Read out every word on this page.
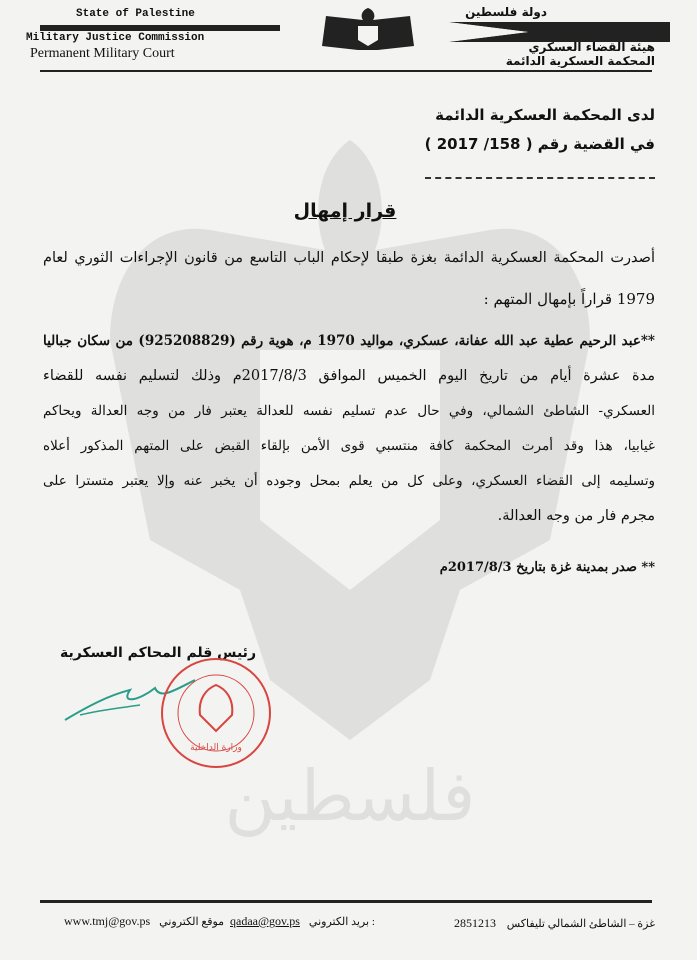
فلسطين
State of Palestine
Military Justice Commission
Permanent Military Court
دولة فلسطين
هيئة القضاء العسكري
المحكمة العسكرية الدائمة
لدى المحكمة العسكرية الدائمة
في القضية رقم ( 158/ 2017 )
قرار إمهال
أصدرت المحكمة العسكرية الدائمة بغزة طبقا لإحكام الباب التاسع من قانون الإجراءات الثوري لعام
1979 قراراً بإمهال المتهم :
**عبد الرحيم عطية عبد الله عفانة، عسكري، مواليد 1970 م، هوية رقم (925208829) من سكان جباليا
مدة عشرة أيام من تاريخ اليوم الخميس الموافق 2017/8/3م وذلك لتسليم نفسه للقضاء
العسكري- الشاطئ الشمالي، وفي حال عدم تسليم نفسه للعدالة يعتبر فار من وجه العدالة ويحاكم
غيابيا، هذا وقد أمرت المحكمة كافة منتسبي قوى الأمن بإلقاء القبض على المتهم المذكور أعلاه
وتسليمه إلى القضاء العسكري، وعلى كل من يعلم بمحل وجوده أن يخبر عنه وإلا يعتبر متسترا على
مجرم فار من وجه العدالة.
** صدر بمدينة غزة بتاريخ 2017/8/3م
رئيس قلم المحاكم العسكرية
وزارة الداخلية
غزة – الشاطئ الشمالي تليفاكس 2851213
qadaa@gov.ps بريد الكتروني :
www.tmj@gov.ps موقع الكتروني
